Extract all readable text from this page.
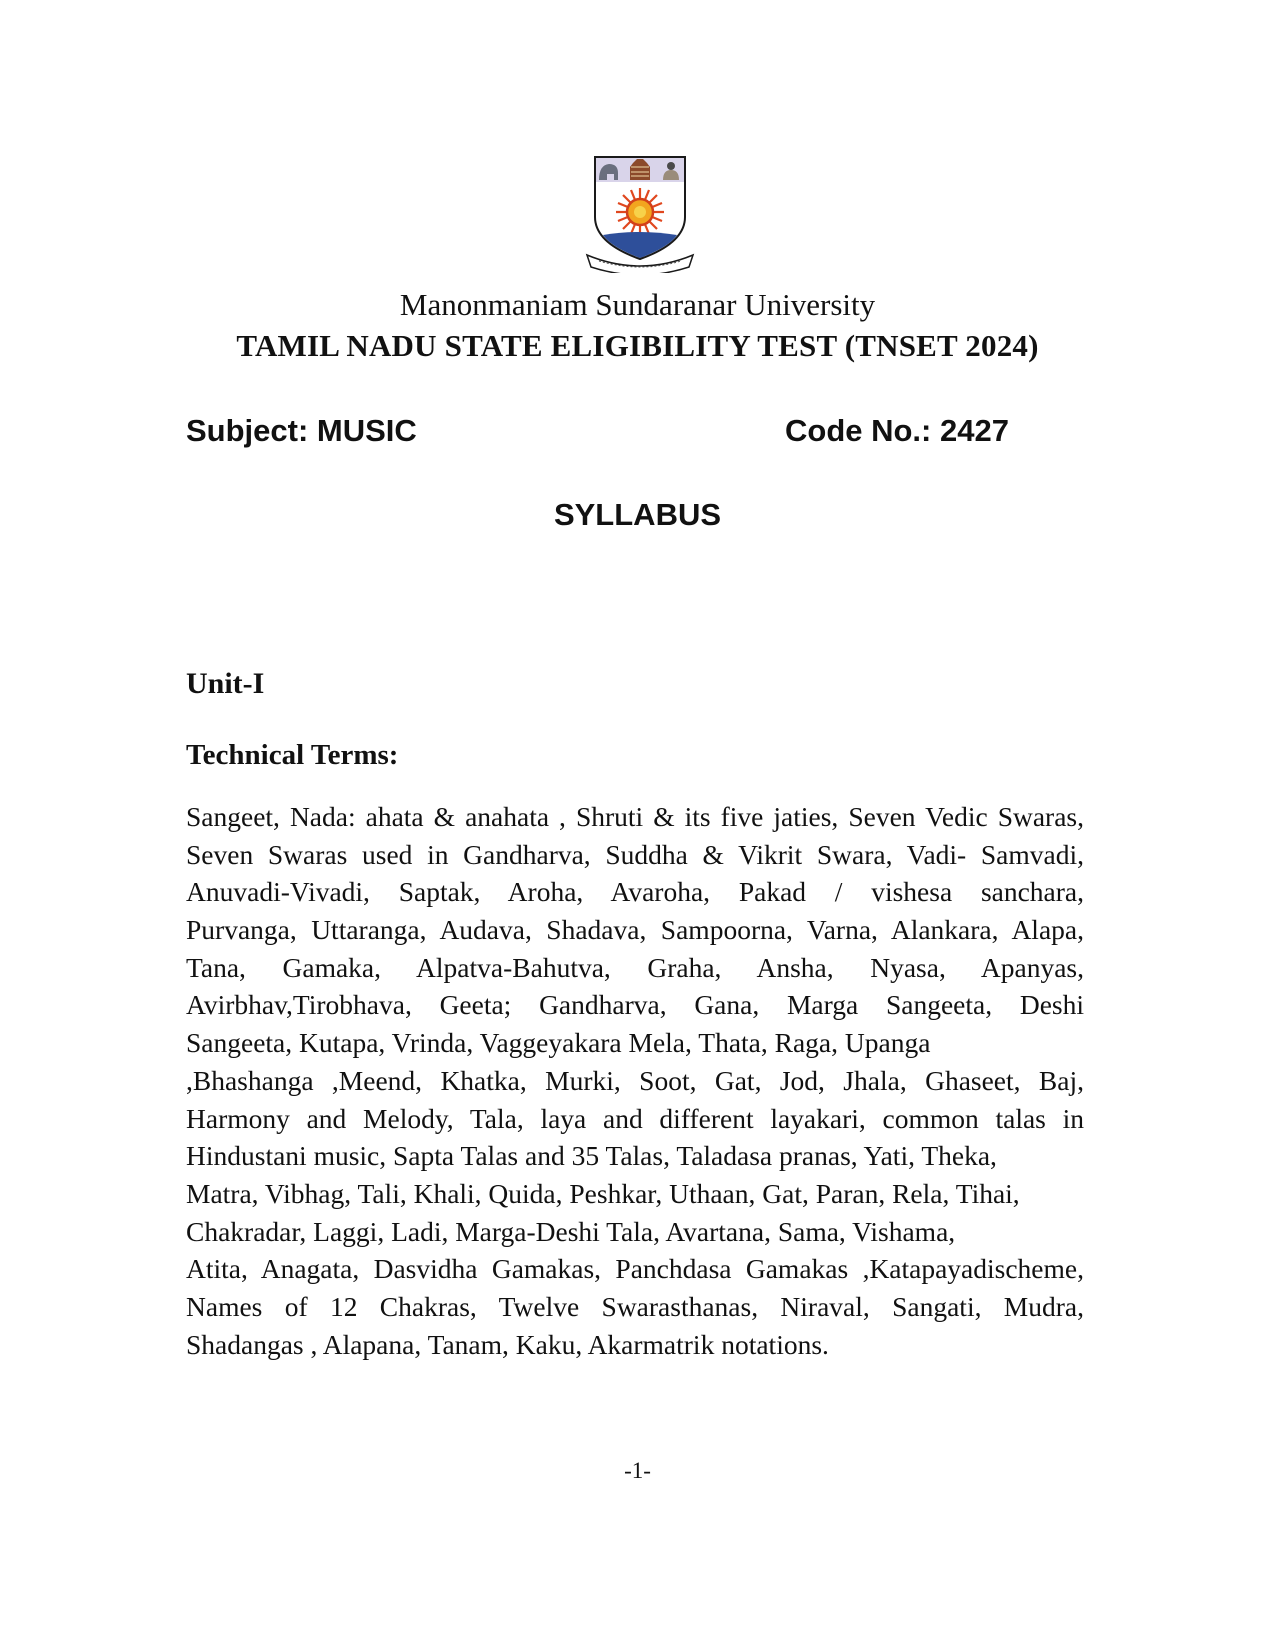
Manonmaniam Sundaranar University
TAMIL NADU STATE ELIGIBILITY TEST (TNSET 2024)
Subject: MUSIC	Code No.: 2427
SYLLABUS
Unit-I
Technical Terms:
Sangeet, Nada: ahata & anahata , Shruti & its five jaties, Seven Vedic Swaras,
Seven Swaras used in Gandharva, Suddha & Vikrit Swara, Vadi- Samvadi,
Anuvadi-Vivadi, Saptak, Aroha, Avaroha, Pakad / vishesa sanchara,
Purvanga, Uttaranga, Audava, Shadava, Sampoorna, Varna, Alankara, Alapa,
Tana, Gamaka, Alpatva-Bahutva, Graha, Ansha, Nyasa, Apanyas,
Avirbhav,Tirobhava, Geeta; Gandharva, Gana, Marga Sangeeta, Deshi
Sangeeta, Kutapa, Vrinda, Vaggeyakara Mela, Thata, Raga, Upanga
,Bhashanga ,Meend, Khatka, Murki, Soot, Gat, Jod, Jhala, Ghaseet, Baj,
Harmony and Melody, Tala, laya and different layakari, common talas in
Hindustani music, Sapta Talas and 35 Talas, Taladasa pranas, Yati, Theka,
Matra, Vibhag, Tali, Khali, Quida, Peshkar, Uthaan, Gat, Paran, Rela, Tihai,
Chakradar, Laggi, Ladi, Marga-Deshi Tala, Avartana, Sama, Vishama,
Atita, Anagata, Dasvidha Gamakas, Panchdasa Gamakas ,Katapayadischeme,
Names of 12 Chakras, Twelve Swarasthanas, Niraval, Sangati, Mudra,
Shadangas , Alapana, Tanam, Kaku, Akarmatrik notations.
-1-
